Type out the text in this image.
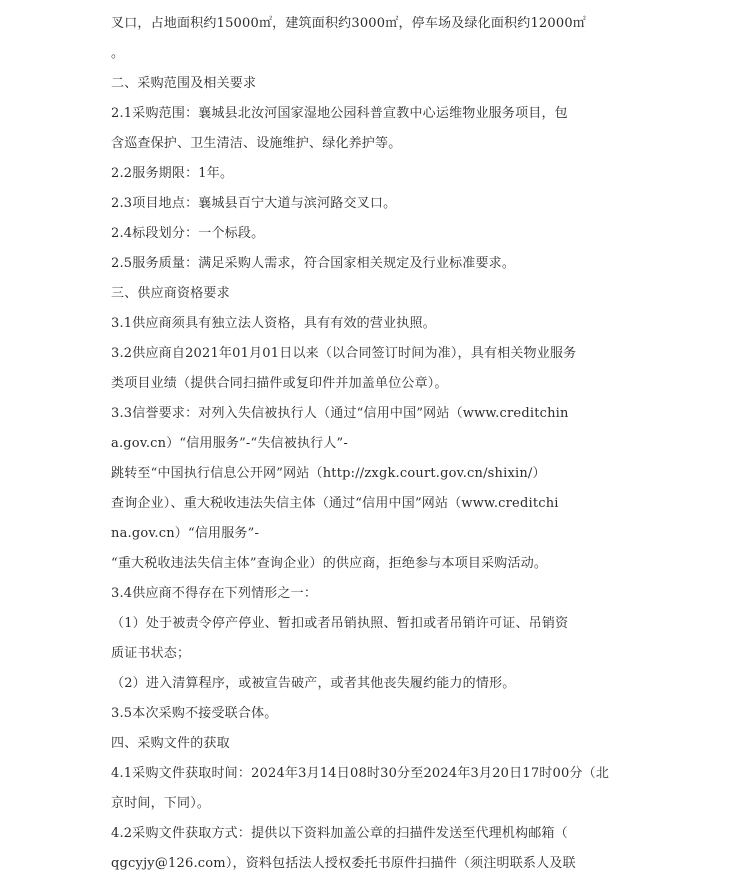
叉口，占地面积约15000㎡，建筑面积约3000㎡，停车场及绿化面积约12000㎡
。
二、采购范围及相关要求
2.1采购范围：襄城县北汝河国家湿地公园科普宣教中心运维物业服务项目，包
含巡查保护、卫生清洁、设施维护、绿化养护等。
2.2服务期限：1年。
2.3项目地点：襄城县百宁大道与滨河路交叉口。
2.4标段划分：一个标段。
2.5服务质量：满足采购人需求，符合国家相关规定及行业标准要求。
三、供应商资格要求
3.1供应商须具有独立法人资格，具有有效的营业执照。
3.2供应商自2021年01月01日以来（以合同签订时间为准），具有相关物业服务
类项目业绩（提供合同扫描件或复印件并加盖单位公章）。
3.3信誉要求：对列入失信被执行人（通过“信用中国”网站（www.creditchin
a.gov.cn）“信用服务”-“失信被执行人”-
跳转至“中国执行信息公开网”网站（http://zxgk.court.gov.cn/shixin/）
查询企业）、重大税收违法失信主体（通过“信用中国”网站（www.creditchi
na.gov.cn）“信用服务”-
“重大税收违法失信主体”查询企业）的供应商，拒绝参与本项目采购活动。
3.4供应商不得存在下列情形之一：
（1）处于被责令停产停业、暂扣或者吊销执照、暂扣或者吊销许可证、吊销资
质证书状态；
（2）进入清算程序，或被宣告破产，或者其他丧失履约能力的情形。
3.5本次采购不接受联合体。
四、采购文件的获取
4.1采购文件获取时间：2024年3月14日08时30分至2024年3月20日17时00分（北
京时间，下同）。
4.2采购文件获取方式：提供以下资料加盖公章的扫描件发送至代理机构邮箱（
qgcyjy@126.com），资料包括法人授权委托书原件扫描件（须注明联系人及联
